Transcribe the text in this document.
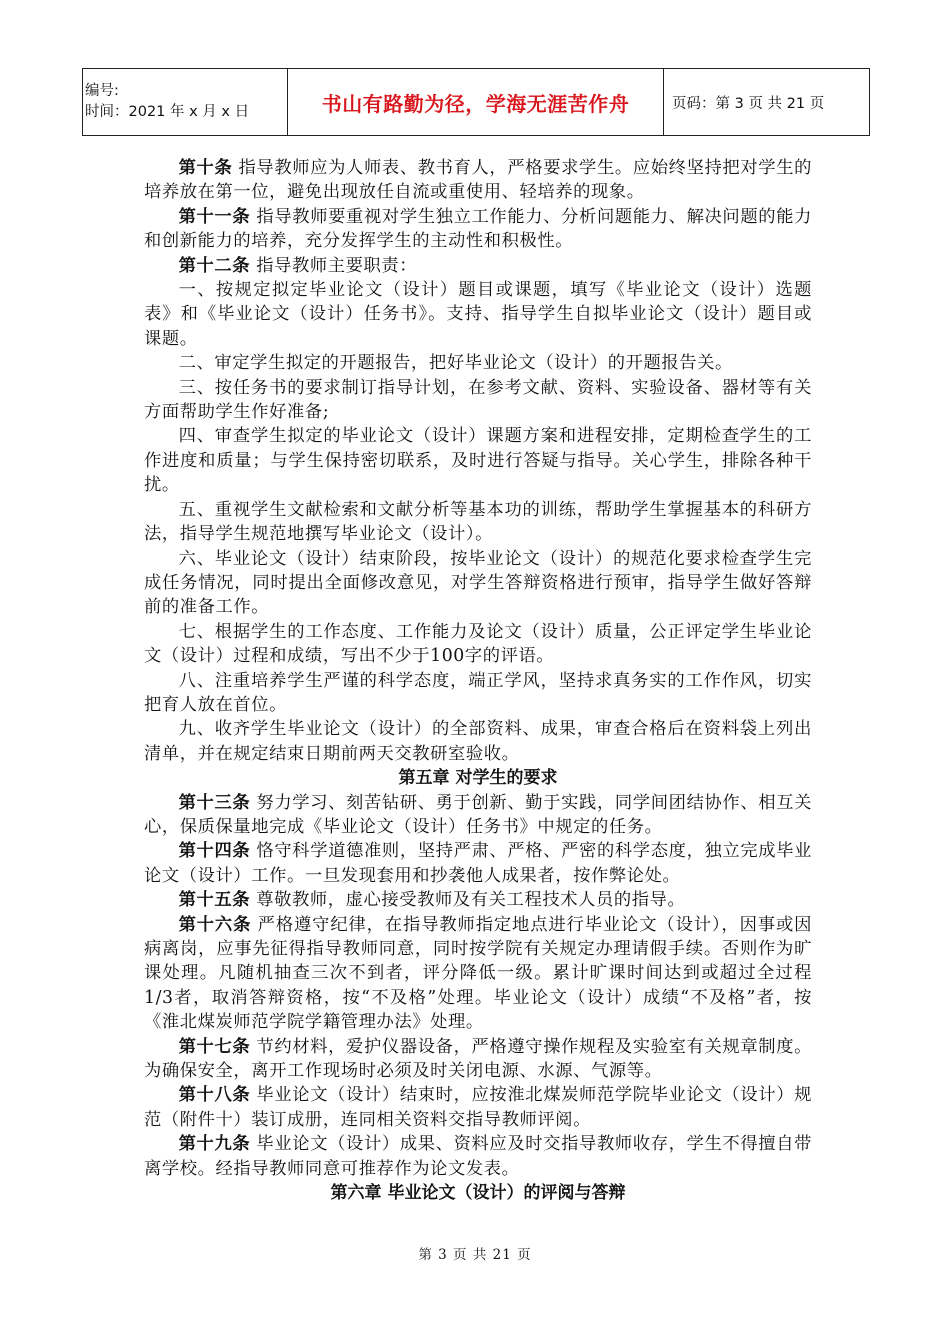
编号:
时间：2021 年 x 月 x 日	书山有路勤为径，学海无涯苦作舟	页码：第 3 页 共 21 页

第十条 指导教师应为人师表、教书育人，严格要求学生。应始终坚持把对学生的培养放在第一位，避免出现放任自流或重使用、轻培养的现象。

第十一条 指导教师要重视对学生独立工作能力、分析问题能力、解决问题的能力和创新能力的培养，充分发挥学生的主动性和积极性。

第十二条 指导教师主要职责：

一、按规定拟定毕业论文（设计）题目或课题，填写《毕业论文（设计）选题表》和《毕业论文（设计）任务书》。支持、指导学生自拟毕业论文（设计）题目或课题。

二、审定学生拟定的开题报告，把好毕业论文（设计）的开题报告关。

三、按任务书的要求制订指导计划，在参考文献、资料、实验设备、器材等有关方面帮助学生作好准备;

四、审查学生拟定的毕业论文（设计）课题方案和进程安排，定期检查学生的工作进度和质量；与学生保持密切联系，及时进行答疑与指导。关心学生，排除各种干扰。

五、重视学生文献检索和文献分析等基本功的训练，帮助学生掌握基本的科研方法，指导学生规范地撰写毕业论文（设计）。

六、毕业论文（设计）结束阶段，按毕业论文（设计）的规范化要求检查学生完成任务情况，同时提出全面修改意见，对学生答辩资格进行预审，指导学生做好答辩前的准备工作。

七、根据学生的工作态度、工作能力及论文（设计）质量，公正评定学生毕业论文（设计）过程和成绩，写出不少于100字的评语。

八、注重培养学生严谨的科学态度，端正学风，坚持求真务实的工作作风，切实把育人放在首位。

九、收齐学生毕业论文（设计）的全部资料、成果，审查合格后在资料袋上列出清单，并在规定结束日期前两天交教研室验收。

第五章 对学生的要求

第十三条 努力学习、刻苦钻研、勇于创新、勤于实践，同学间团结协作、相互关心，保质保量地完成《毕业论文（设计）任务书》中规定的任务。

第十四条 恪守科学道德准则，坚持严肃、严格、严密的科学态度，独立完成毕业论文（设计）工作。一旦发现套用和抄袭他人成果者，按作弊论处。

第十五条 尊敬教师，虚心接受教师及有关工程技术人员的指导。

第十六条 严格遵守纪律，在指导教师指定地点进行毕业论文（设计），因事或因病离岗，应事先征得指导教师同意，同时按学院有关规定办理请假手续。否则作为旷课处理。凡随机抽查三次不到者，评分降低一级。累计旷课时间达到或超过全过程1/3者，取消答辩资格，按“不及格”处理。毕业论文（设计）成绩“不及格”者，按《淮北煤炭师范学院学籍管理办法》处理。

第十七条 节约材料，爱护仪器设备，严格遵守操作规程及实验室有关规章制度。为确保安全，离开工作现场时必须及时关闭电源、水源、气源等。

第十八条 毕业论文（设计）结束时，应按淮北煤炭师范学院毕业论文（设计）规范（附件十）装订成册，连同相关资料交指导教师评阅。

第十九条 毕业论文（设计）成果、资料应及时交指导教师收存，学生不得擅自带离学校。经指导教师同意可推荐作为论文发表。

第六章 毕业论文（设计）的评阅与答辩

第 3 页 共 21 页
